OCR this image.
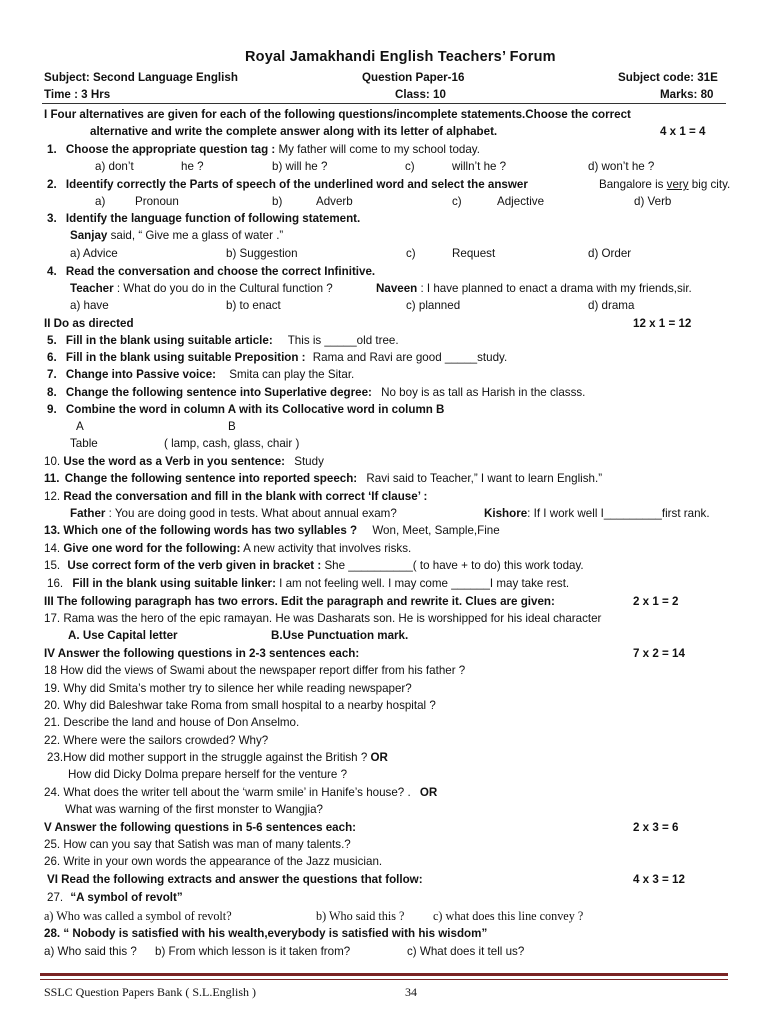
Royal Jamakhandi English Teachers’ Forum
Subject: Second Language English	Question Paper-16	Subject code: 31E
Time : 3 Hrs	Class: 10	Marks: 80
I Four alternatives are given for each of the following questions/incomplete statements.Choose the correct
alternative and write the complete answer along with its letter of alphabet.	4 x 1 = 4
1. Choose the appropriate question tag : My father will come to my school today.
a) don’t	he ?	b) will he ?	c)	willn’t he ?	d) won’t he ?
2. Ideentify correctly the Parts of speech of the underlined word and select the answer	Bangalore is very big city.
a)	Pronoun	b)	Adverb	c)	Adjective	d) Verb
3. Identify the language function of following statement.
Sanjay said, “ Give me a glass of water .”
a) Advice	b) Suggestion	c)	Request	d) Order
4. Read the conversation and choose the correct Infinitive.
Teacher : What do you do in the Cultural function ?	Naveen : I have planned to enact a drama with my friends,sir.
a) have	b) to enact	c) planned	d) drama
II Do as directed	12 x 1 = 12
5. Fill in the blank using suitable article: This is _____old tree.
6. Fill in the blank using suitable Preposition : Rama and Ravi are good _____study.
7. Change into Passive voice: Smita can play the Sitar.
8. Change the following sentence into Superlative degree: No boy is as tall as Harish in the classs.
9. Combine the word in column A with its Collocative word in column B
A	B
Table	( lamp, cash, glass, chair )
10. Use the word as a Verb in you sentence: Study
11. Change the following sentence into reported speech: Ravi said to Teacher,” I want to learn English.”
12. Read the conversation and fill in the blank with correct ‘If clause’ :
Father : You are doing good in tests. What about annual exam?	Kishore: If I work well I_________first rank.
13. Which one of the following words has two syllables ? Won, Meet, Sample,Fine
14. Give one word for the following: A new activity that involves risks.
15. Use correct form of the verb given in bracket : She __________( to have + to do) this work today.
16. Fill in the blank using suitable linker: I am not feeling well. I may come ______I may take rest.
III The following paragraph has two errors. Edit the paragraph and rewrite it. Clues are given:	2 x 1 = 2
17. Rama was the hero of the epic ramayan. He was Dasharats son. He is worshipped for his ideal character
A. Use Capital letter	B.Use Punctuation mark.
IV Answer the following questions in 2-3 sentences each:	7 x 2 = 14
18 How did the views of Swami about the newspaper report differ from his father ?
19. Why did Smita’s mother try to silence her while reading newspaper?
20. Why did Baleshwar take Roma from small hospital to a nearby hospital ?
21. Describe the land and house of Don Anselmo.
22. Where were the sailors crowded? Why?
23.How did mother support in the struggle against the British ? OR
How did Dicky Dolma prepare herself for the venture ?
24. What does the writer tell about the ‘warm smile’ in Hanife’s house? . OR
What was warning of the first monster to Wangjia?
V Answer the following questions in 5-6 sentences each:	2 x 3 = 6
25. How can you say that Satish was man of many talents.?
26. Write in your own words the appearance of the Jazz musician.
VI Read the following extracts and answer the questions that follow:	4 x 3 = 12
27. “A symbol of revolt”
a) Who was called a symbol of revolt?	b) Who said this ? c) what does this line convey ?
28. “ Nobody is satisfied with his wealth,everybody is satisfied with his wisdom”
a) Who said this ? b) From which lesson is it taken from?	c) What does it tell us?
SSLC Question Papers Bank ( S.L.English )	34
